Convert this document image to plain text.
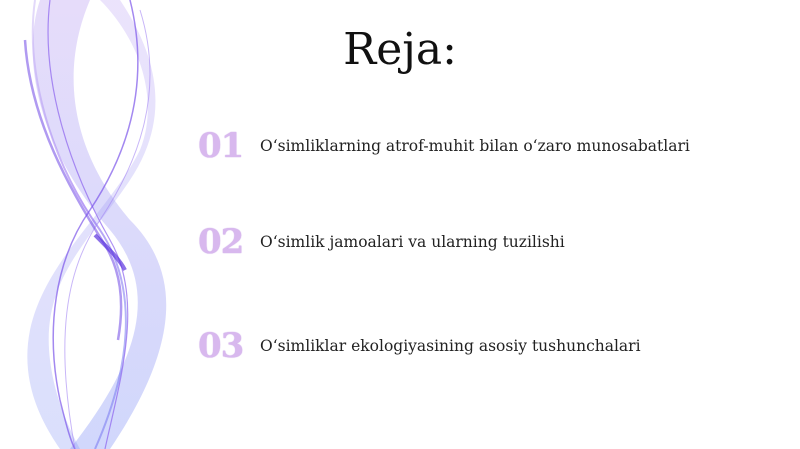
Reja:
01	O‘simliklarning atrof-muhit bilan o‘zaro munosabatlari
02	O‘simlik jamoalari va ularning tuzilishi
03	O‘simliklar ekologiyasining asosiy tushunchalari
